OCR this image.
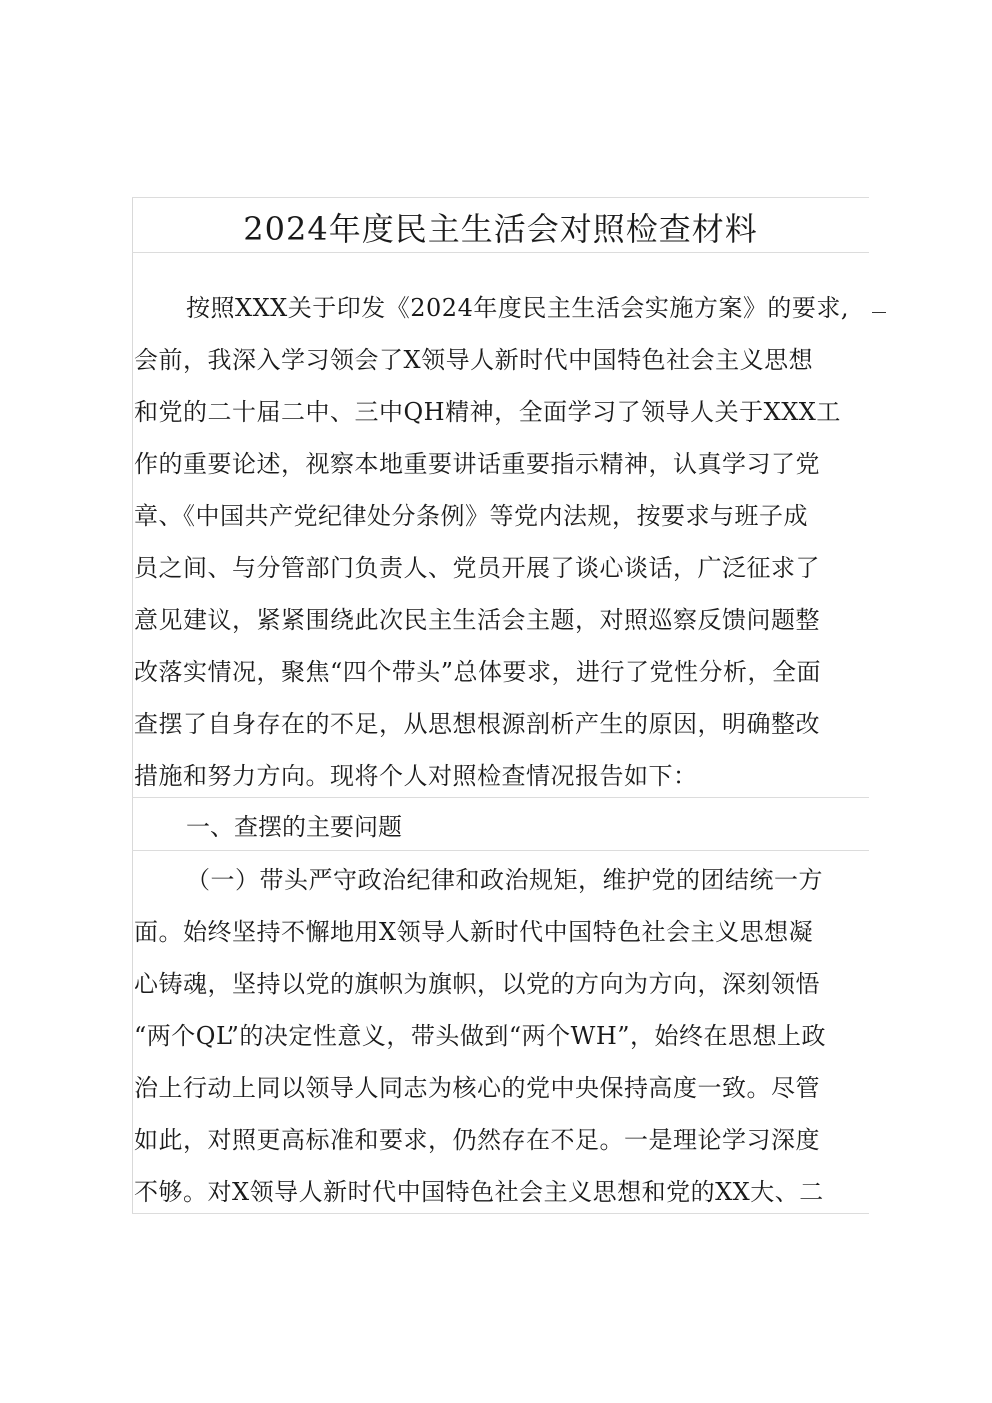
2024年度民主生活会对照检查材料
按照XXX关于印发《2024年度民主生活会实施方案》的要求,
会前，我深入学习领会了X领导人新时代中国特色社会主义思想
和党的二十届二中、三中QH精神，全面学习了领导人关于XXX工
作的重要论述，视察本地重要讲话重要指示精神，认真学习了党
章、《中国共产党纪律处分条例》等党内法规，按要求与班子成
员之间、与分管部门负责人、党员开展了谈心谈话，广泛征求了
意见建议，紧紧围绕此次民主生活会主题，对照巡察反馈问题整
改落实情况，聚焦“四个带头”总体要求，进行了党性分析，全面
查摆了自身存在的不足，从思想根源剖析产生的原因，明确整改
措施和努力方向。现将个人对照检查情况报告如下：
一、查摆的主要问题
（一）带头严守政治纪律和政治规矩，维护党的团结统一方
面。始终坚持不懈地用X领导人新时代中国特色社会主义思想凝
心铸魂，坚持以党的旗帜为旗帜，以党的方向为方向，深刻领悟
“两个QL”的决定性意义，带头做到“两个WH”，始终在思想上政
治上行动上同以领导人同志为核心的党中央保持高度一致。尽管
如此，对照更高标准和要求，仍然存在不足。一是理论学习深度
不够。对X领导人新时代中国特色社会主义思想和党的XX大、二
